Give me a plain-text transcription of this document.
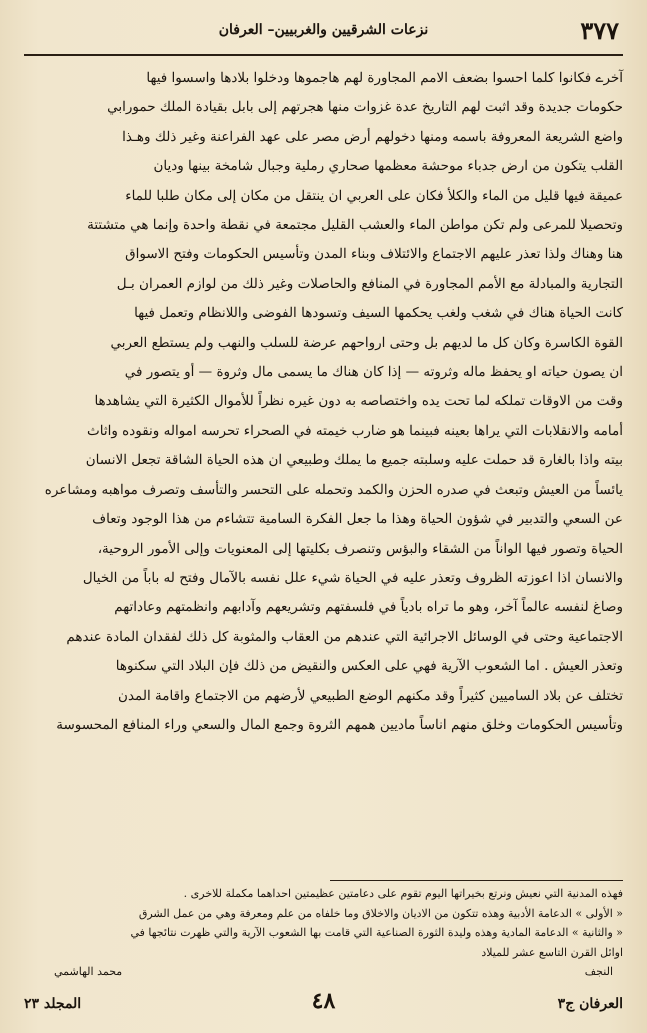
٣٧٧
نزعات الشرقيين والغربيين– العرفان

آخرے فكانوا كلما احسوا بضعف الامم المجاورة لهم هاجموها ودخلوا بلادها واسسوا فيها

حكومات جديدة وقد اثبت لهم التاريخ عدة غزوات منها هجرتهم إلى بابل بقيادة الملك حمورابي

واضع الشريعة المعروفة باسمه ومنها دخولهم أرض مصر على عهد الفراعنة وغير ذلك وهـذا

القلب يتكون من ارض جدباء موحشة معظمها صحاري رملية وجبال شامخة بينها وديان

عميقة فيها قليل من الماء والكلأ فكان على العربي ان ينتقل من مكان إلى مكان طلبا للماء

وتحصيلا للمرعى ولم تكن مواطن الماء والعشب القليل مجتمعة في نقطة واحدة وإنما هي متشتتة

هنا وهناك ولذا تعذر عليهم الاجتماع والائتلاف وبناء المدن وتأسيس الحكومات وفتح الاسواق

التجارية والمبادلة مع الأمم المجاورة في المنافع والحاصلات وغير ذلك من لوازم العمران بـل

كانت الحياة هناك في شغب ولغب يحكمها السيف وتسودها الفوضى واللانظام وتعمل فيها

القوة الكاسرة وكان كل ما لديهم بل وحتى ارواحهم عرضة للسلب والنهب ولم يستطع العربي

ان يصون حياته او يحفظ ماله وثروته — إذا كان هناك ما يسمى مال وثروة — أو يتصور في

وقت من الاوقات تملكه لما تحت يده واختصاصه به دون غيره نظراً للأموال الكثيرة التي يشاهدها

أمامه والانقلابات التي يراها بعينه فبينما هو ضارب خيمته في الصحراء تحرسه امواله ونقوده واثاث

بيته واذا بالغارة قد حملت عليه وسلبته جميع ما يملك وطبيعي ان هذه الحياة الشاقة تجعل الانسان

يائساً من العيش وتبعث في صدره الحزن والكمد وتحمله على التحسر والتأسف وتصرف مواهبه ومشاعره

عن السعي والتدبير في شؤون الحياة وهذا ما جعل الفكرة السامية تتشاءم من هذا الوجود وتعاف

الحياة وتصور فيها الواناً من الشقاء والبؤس وتنصرف بكليتها إلى المعنويات وإلى الأمور الروحية،

والانسان اذا اعوزته الظروف وتعذر عليه في الحياة شيء علل نفسه بالآمال وفتح له باباً من الخيال

وصاغ لنفسه عالماً آخر، وهو ما تراه بادياً في فلسفتهم وتشريعهم وآدابهم وانظمتهم وعاداتهم

الاجتماعية وحتى في الوسائل الاجرائية التي عندهم من العقاب والمثوبة كل ذلك لفقدان المادة عندهم

وتعذر العيش . اما الشعوب الآرية فهي على العكس والنقيض من ذلك فإن البلاد التي سكنوها

تختلف عن بلاد الساميين كثيراً وقد مكنهم الوضع الطبيعي لأرضهم من الاجتماع واقامة المدن

وتأسيس الحكومات وخلق منهم اناساً ماديين همهم الثروة وجمع المال والسعي وراء المنافع المحسوسة

فهذه المدنية التي نعيش ونرتع بخيراتها اليوم تقوم على دعامتين عظيمتين احداهما مكملة للاخرى .

« الأولى » الدعامة الأدبية وهذه تتكون من الاديان والاخلاق وما خلفاه من علم ومعرفة وهي من عمل الشرق

« والثانية » الدعامة المادية وهذه وليدة الثورة الصناعية التي قامت بها الشعوب الآرية والتي ظهرت نتائجها في

اوائل القرن التاسع عشر للميلاد

النجف
محمد الهاشمي
العرفان ج٣
٤٨
المجلد ٢٣
